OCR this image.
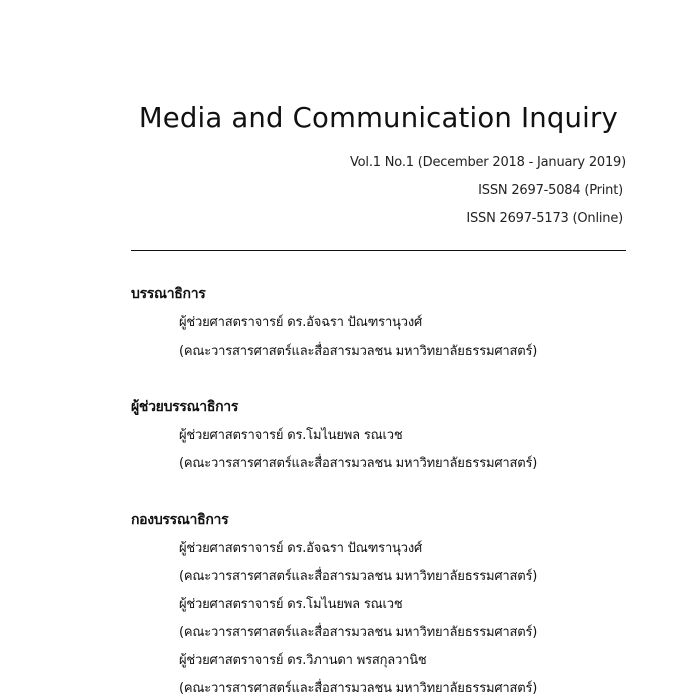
Media and Communication Inquiry
Vol.1 No.1 (December 2018 - January 2019)
ISSN 2697-5084 (Print)
ISSN 2697-5173 (Online)
บรรณาธิการ
ผู้ช่วยศาสตราจารย์ ดร.อัจฉรา ปัณฑรานุวงศ์
(คณะวารสารศาสตร์และสื่อสารมวลชน มหาวิทยาลัยธรรมศาสตร์)
ผู้ช่วยบรรณาธิการ
ผู้ช่วยศาสตราจารย์ ดร.โมไนยพล รณเวช
(คณะวารสารศาสตร์และสื่อสารมวลชน มหาวิทยาลัยธรรมศาสตร์)
กองบรรณาธิการ
ผู้ช่วยศาสตราจารย์ ดร.อัจฉรา ปัณฑรานุวงศ์
(คณะวารสารศาสตร์และสื่อสารมวลชน มหาวิทยาลัยธรรมศาสตร์)
ผู้ช่วยศาสตราจารย์ ดร.โมไนยพล รณเวช
(คณะวารสารศาสตร์และสื่อสารมวลชน มหาวิทยาลัยธรรมศาสตร์)
ผู้ช่วยศาสตราจารย์ ดร.วิภานดา พรสกุลวานิช
(คณะวารสารศาสตร์และสื่อสารมวลชน มหาวิทยาลัยธรรมศาสตร์)
